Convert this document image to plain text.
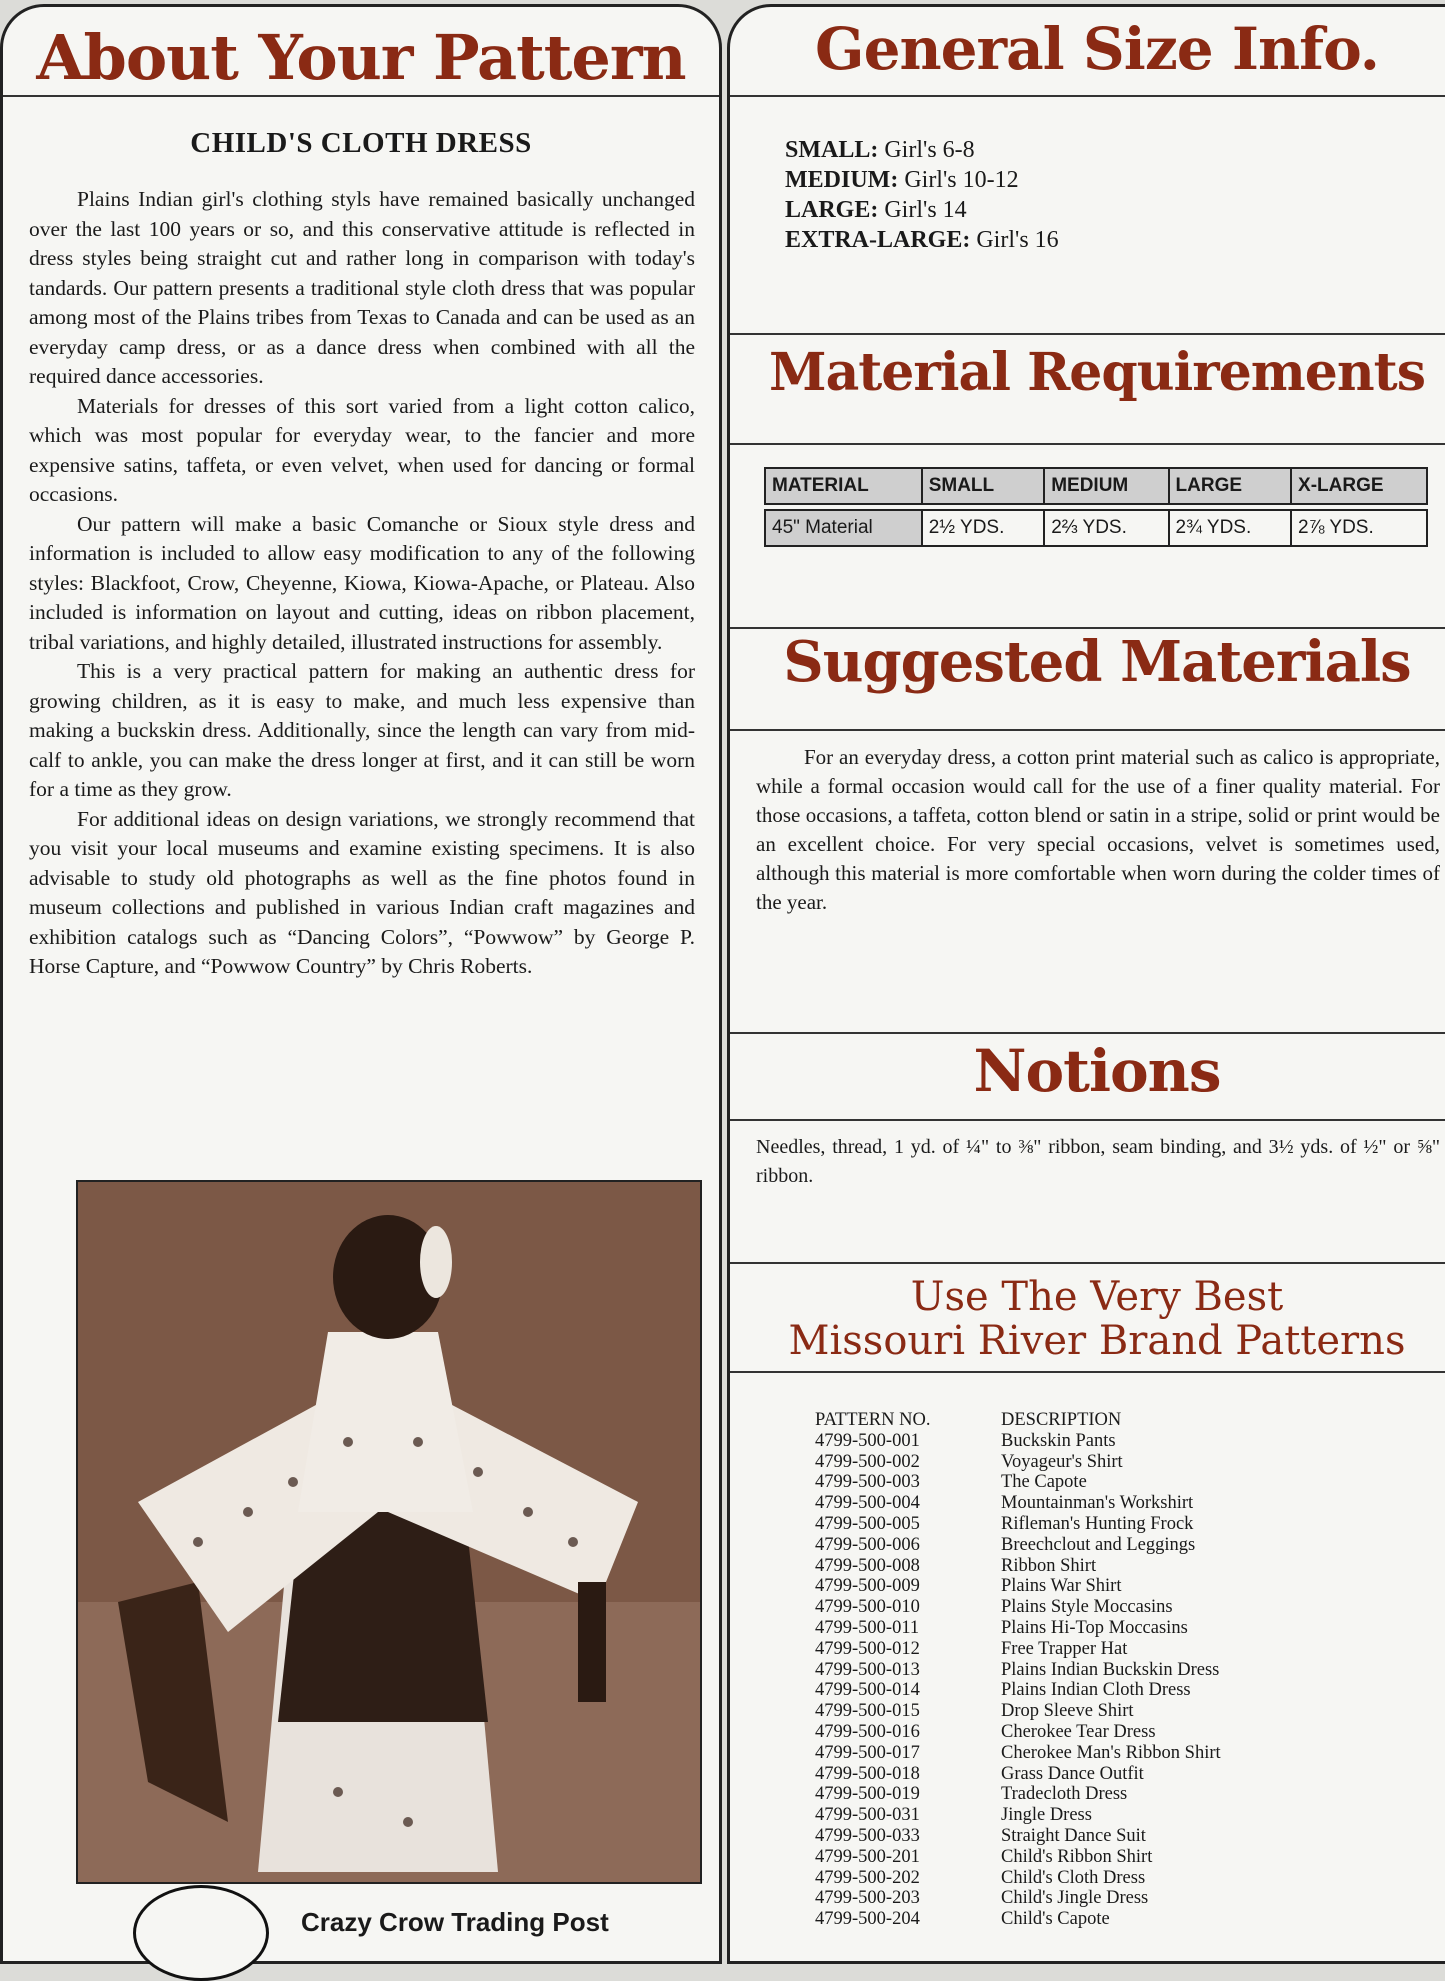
About Your Pattern
CHILD'S CLOTH DRESS

Plains Indian girl's clothing styls have remained basically unchanged over the last 100 years or so, and this conservative attitude is reflected in dress styles being straight cut and rather long in comparison with today's tandards. Our pattern presents a traditional style cloth dress that was popular among most of the Plains tribes from Texas to Canada and can be used as an everyday camp dress, or as a dance dress when combined with all the required dance accessories.

Materials for dresses of this sort varied from a light cotton calico, which was most popular for everyday wear, to the fancier and more expensive satins, taffeta, or even velvet, when used for dancing or formal occasions.

Our pattern will make a basic Comanche or Sioux style dress and information is included to allow easy modification to any of the following styles: Blackfoot, Crow, Cheyenne, Kiowa, Kiowa-Apache, or Plateau. Also included is information on layout and cutting, ideas on ribbon placement, tribal variations, and highly detailed, illustrated instructions for assembly.

This is a very practical pattern for making an authentic dress for growing children, as it is easy to make, and much less expensive than making a buckskin dress. Additionally, since the length can vary from mid-calf to ankle, you can make the dress longer at first, and it can still be worn for a time as they grow.

For additional ideas on design variations, we strongly recommend that you visit your local museums and examine existing specimens. It is also advisable to study old photographs as well as the fine photos found in museum collections and published in various Indian craft magazines and exhibition catalogs such as “Dancing Colors”, “Powwow” by George P. Horse Capture, and “Powwow Country” by Chris Roberts.

Crazy Crow Trading Post
General Size Info.
SMALL: Girl's 6-8
MEDIUM: Girl's 10-12
LARGE: Girl's 14
EXTRA-LARGE: Girl's 16
Material Requirements
MATERIAL	SMALL	MEDIUM	LARGE	X-LARGE

45" Material	2½ YDS.	2⅔ YDS.	2¾ YDS.	2⅞ YDS.
Suggested Materials
For an everyday dress, a cotton print material such as calico is appropriate, while a formal occasion would call for the use of a finer quality material. For those occasions, a taffeta, cotton blend or satin in a stripe, solid or print would be an excellent choice. For very special occasions, velvet is sometimes used, although this material is more comfortable when worn during the colder times of the year.
Notions
Needles, thread, 1 yd. of ¼" to ⅜" ribbon, seam binding, and 3½ yds. of ½" or ⅝" ribbon.
Use The Very Best
Missouri River Brand Patterns
PATTERN NO.	DESCRIPTION
4799-500-001	Buckskin Pants
4799-500-002	Voyageur's Shirt
4799-500-003	The Capote
4799-500-004	Mountainman's Workshirt
4799-500-005	Rifleman's Hunting Frock
4799-500-006	Breechclout and Leggings
4799-500-008	Ribbon Shirt
4799-500-009	Plains War Shirt
4799-500-010	Plains Style Moccasins
4799-500-011	Plains Hi-Top Moccasins
4799-500-012	Free Trapper Hat
4799-500-013	Plains Indian Buckskin Dress
4799-500-014	Plains Indian Cloth Dress
4799-500-015	Drop Sleeve Shirt
4799-500-016	Cherokee Tear Dress
4799-500-017	Cherokee Man's Ribbon Shirt
4799-500-018	Grass Dance Outfit
4799-500-019	Tradecloth Dress
4799-500-031	Jingle Dress
4799-500-033	Straight Dance Suit
4799-500-201	Child's Ribbon Shirt
4799-500-202	Child's Cloth Dress
4799-500-203	Child's Jingle Dress
4799-500-204	Child's Capote
